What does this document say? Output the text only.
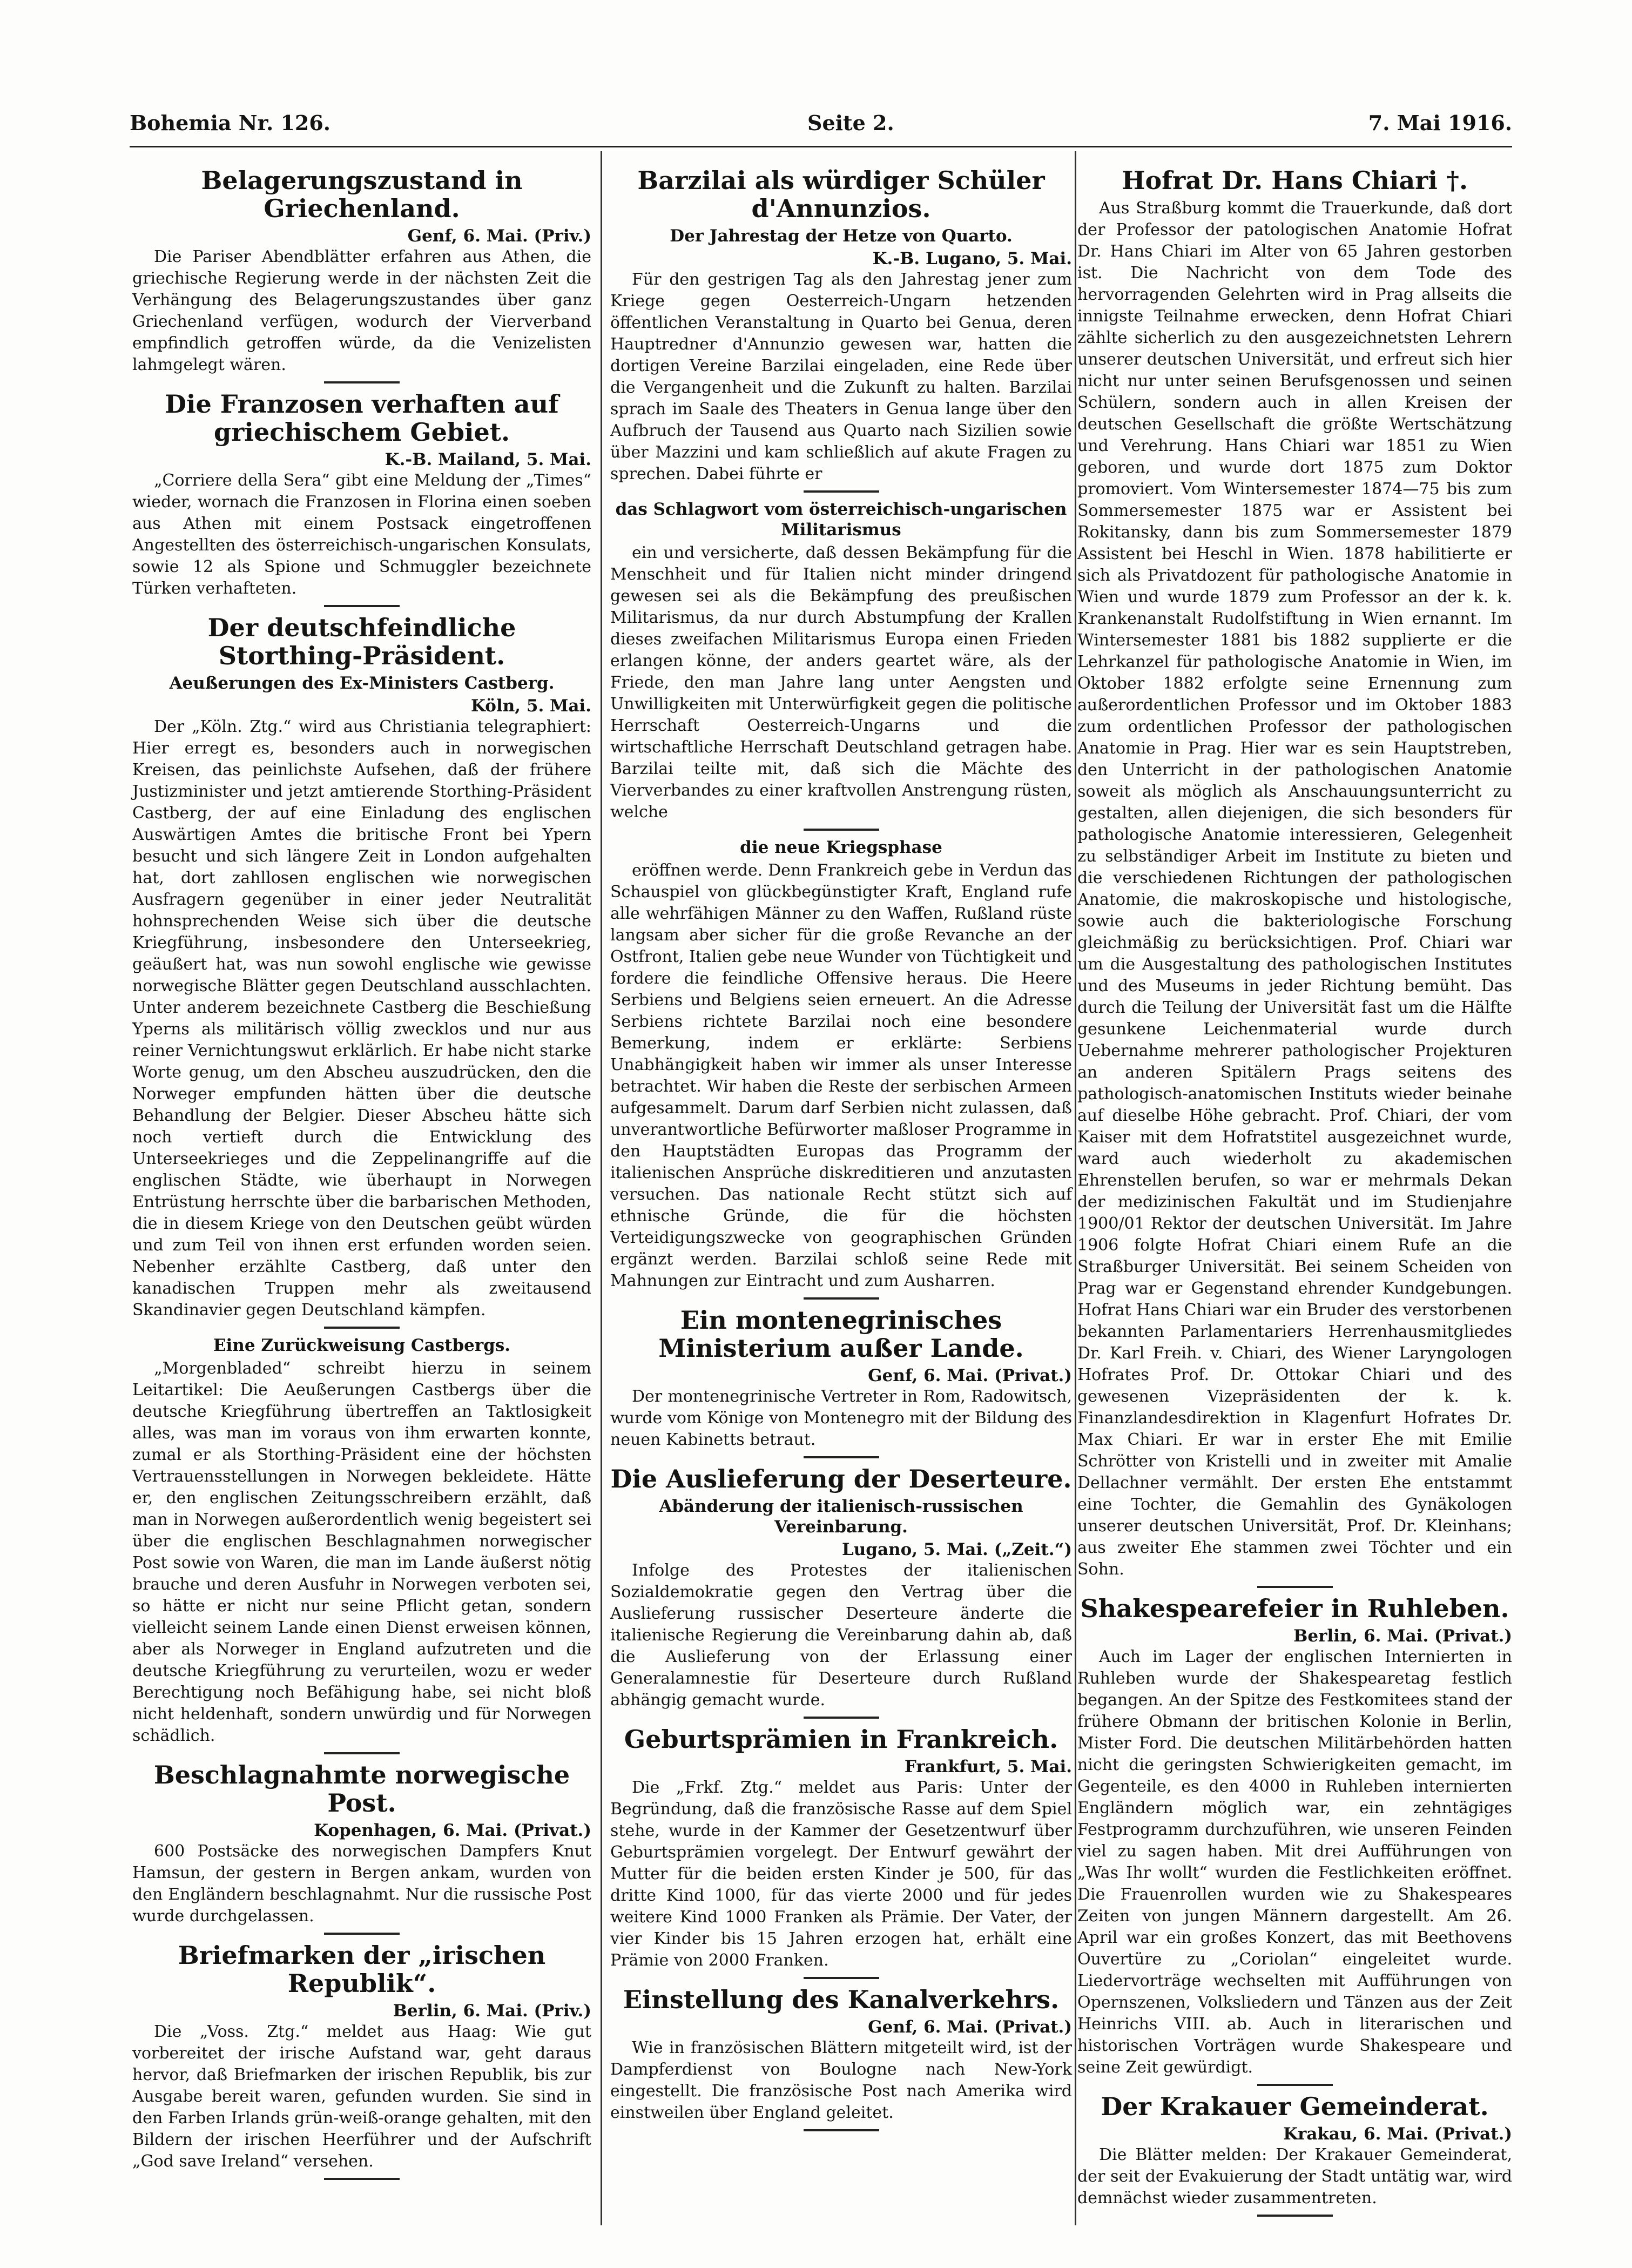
Bohemia Nr. 126.	Seite 2.	7. Mai 1916.
Belagerungszustand in Griechenland.
Genf, 6. Mai. (Priv.)

Die Pariser Abendblätter erfahren aus Athen, die griechische Regierung werde in der nächsten Zeit die Verhängung des Belagerungszustandes über ganz Griechenland verfügen, wodurch der Vierverband empfindlich getroffen würde, da die Venizelisten lahmgelegt wären.

Die Franzosen verhaften auf griechischem Gebiet.
K.-B. Mailand, 5. Mai.

„Corriere della Sera“ gibt eine Meldung der „Times“ wieder, wornach die Franzosen in Florina einen soeben aus Athen mit einem Postsack eingetroffenen Angestellten des österreichisch-ungarischen Konsulats, sowie 12 als Spione und Schmuggler bezeichnete Türken verhafteten.

Der deutschfeindliche Storthing-Präsident.
Aeußerungen des Ex-Ministers Castberg.
Köln, 5. Mai.

Der „Köln. Ztg.“ wird aus Christiania telegraphiert: Hier erregt es, besonders auch in norwegischen Kreisen, das peinlichste Aufsehen, daß der frühere Justizminister und jetzt amtierende Storthing-Präsident Castberg, der auf eine Einladung des englischen Auswärtigen Amtes die britische Front bei Ypern besucht und sich längere Zeit in London aufgehalten hat, dort zahllosen englischen wie norwegischen Ausfragern gegenüber in einer jeder Neutralität hohnsprechenden Weise sich über die deutsche Kriegführung, insbesondere den Unterseekrieg, geäußert hat, was nun sowohl englische wie gewisse norwegische Blätter gegen Deutschland ausschlachten. Unter anderem bezeichnete Castberg die Beschießung Yperns als militärisch völlig zwecklos und nur aus reiner Vernichtungswut erklärlich. Er habe nicht starke Worte genug, um den Abscheu auszudrücken, den die Norweger empfunden hätten über die deutsche Behandlung der Belgier. Dieser Abscheu hätte sich noch vertieft durch die Entwicklung des Unterseekrieges und die Zeppelinangriffe auf die englischen Städte, wie überhaupt in Norwegen Entrüstung herrschte über die barbarischen Methoden, die in diesem Kriege von den Deutschen geübt würden und zum Teil von ihnen erst erfunden worden seien. Nebenher erzählte Castberg, daß unter den kanadischen Truppen mehr als zweitausend Skandinavier gegen Deutschland kämpfen.

Eine Zurückweisung Castbergs.

„Morgenbladed“ schreibt hierzu in seinem Leitartikel: Die Aeußerungen Castbergs über die deutsche Kriegführung übertreffen an Taktlosigkeit alles, was man im voraus von ihm erwarten konnte, zumal er als Storthing-Präsident eine der höchsten Vertrauensstellungen in Norwegen bekleidete. Hätte er, den englischen Zeitungsschreibern erzählt, daß man in Norwegen außerordentlich wenig begeistert sei über die englischen Beschlagnahmen norwegischer Post sowie von Waren, die man im Lande äußerst nötig brauche und deren Ausfuhr in Norwegen verboten sei, so hätte er nicht nur seine Pflicht getan, sondern vielleicht seinem Lande einen Dienst erweisen können, aber als Norweger in England aufzutreten und die deutsche Kriegführung zu verurteilen, wozu er weder Berechtigung noch Befähigung habe, sei nicht bloß nicht heldenhaft, sondern unwürdig und für Norwegen schädlich.

Beschlagnahmte norwegische Post.
Kopenhagen, 6. Mai. (Privat.)

600 Postsäcke des norwegischen Dampfers Knut Hamsun, der gestern in Bergen ankam, wurden von den Engländern beschlagnahmt. Nur die russische Post wurde durchgelassen.

Briefmarken der „irischen Republik“.
Berlin, 6. Mai. (Priv.)

Die „Voss. Ztg.“ meldet aus Haag: Wie gut vorbereitet der irische Aufstand war, geht daraus hervor, daß Briefmarken der irischen Republik, bis zur Ausgabe bereit waren, gefunden wurden. Sie sind in den Farben Irlands grün-weiß-orange gehalten, mit den Bildern der irischen Heerführer und der Aufschrift „God save Ireland“ versehen.

Barzilai als würdiger Schüler d'Annunzios.
Der Jahrestag der Hetze von Quarto.
K.-B. Lugano, 5. Mai.

Für den gestrigen Tag als den Jahrestag jener zum Kriege gegen Oesterreich-Ungarn hetzenden öffentlichen Veranstaltung in Quarto bei Genua, deren Hauptredner d'Annunzio gewesen war, hatten die dortigen Vereine Barzilai eingeladen, eine Rede über die Vergangenheit und die Zukunft zu halten. Barzilai sprach im Saale des Theaters in Genua lange über den Aufbruch der Tausend aus Quarto nach Sizilien sowie über Mazzini und kam schließlich auf akute Fragen zu sprechen. Dabei führte er

das Schlagwort vom österreichisch-ungarischen Militarismus

ein und versicherte, daß dessen Bekämpfung für die Menschheit und für Italien nicht minder dringend gewesen sei als die Bekämpfung des preußischen Militarismus, da nur durch Abstumpfung der Krallen dieses zweifachen Militarismus Europa einen Frieden erlangen könne, der anders geartet wäre, als der Friede, den man Jahre lang unter Aengsten und Unwilligkeiten mit Unterwürfigkeit gegen die politische Herrschaft Oesterreich-Ungarns und die wirtschaftliche Herrschaft Deutschland getragen habe. Barzilai teilte mit, daß sich die Mächte des Vierverbandes zu einer kraftvollen Anstrengung rüsten, welche

die neue Kriegsphase

eröffnen werde. Denn Frankreich gebe in Verdun das Schauspiel von glückbegünstigter Kraft, England rufe alle wehrfähigen Männer zu den Waffen, Rußland rüste langsam aber sicher für die große Revanche an der Ostfront, Italien gebe neue Wunder von Tüchtigkeit und fordere die feindliche Offensive heraus. Die Heere Serbiens und Belgiens seien erneuert. An die Adresse Serbiens richtete Barzilai noch eine besondere Bemerkung, indem er erklärte: Serbiens Unabhängigkeit haben wir immer als unser Interesse betrachtet. Wir haben die Reste der serbischen Armeen aufgesammelt. Darum darf Serbien nicht zulassen, daß unverantwortliche Befürworter maßloser Programme in den Hauptstädten Europas das Programm der italienischen Ansprüche diskreditieren und anzutasten versuchen. Das nationale Recht stützt sich auf ethnische Gründe, die für die höchsten Verteidigungszwecke von geographischen Gründen ergänzt werden. Barzilai schloß seine Rede mit Mahnungen zur Eintracht und zum Ausharren.

Ein montenegrinisches Ministerium außer Lande.
Genf, 6. Mai. (Privat.)

Der montenegrinische Vertreter in Rom, Radowitsch, wurde vom Könige von Montenegro mit der Bildung des neuen Kabinetts betraut.

Die Auslieferung der Deserteure.
Abänderung der italienisch-russischen Vereinbarung.
Lugano, 5. Mai. („Zeit.“)

Infolge des Protestes der italienischen Sozialdemokratie gegen den Vertrag über die Auslieferung russischer Deserteure änderte die italienische Regierung die Vereinbarung dahin ab, daß die Auslieferung von der Erlassung einer Generalamnestie für Deserteure durch Rußland abhängig gemacht wurde.

Geburtsprämien in Frankreich.
Frankfurt, 5. Mai.

Die „Frkf. Ztg.“ meldet aus Paris: Unter der Begründung, daß die französische Rasse auf dem Spiel stehe, wurde in der Kammer der Gesetzentwurf über Geburtsprämien vorgelegt. Der Entwurf gewährt der Mutter für die beiden ersten Kinder je 500, für das dritte Kind 1000, für das vierte 2000 und für jedes weitere Kind 1000 Franken als Prämie. Der Vater, der vier Kinder bis 15 Jahren erzogen hat, erhält eine Prämie von 2000 Franken.

Einstellung des Kanalverkehrs.
Genf, 6. Mai. (Privat.)

Wie in französischen Blättern mitgeteilt wird, ist der Dampferdienst von Boulogne nach New-York eingestellt. Die französische Post nach Amerika wird einstweilen über England geleitet.

Hofrat Dr. Hans Chiari †.

Aus Straßburg kommt die Trauerkunde, daß dort der Professor der patologischen Anatomie Hofrat Dr. Hans Chiari im Alter von 65 Jahren gestorben ist. Die Nachricht von dem Tode des hervorragenden Gelehrten wird in Prag allseits die innigste Teilnahme erwecken, denn Hofrat Chiari zählte sicherlich zu den ausgezeichnetsten Lehrern unserer deutschen Universität, und erfreut sich hier nicht nur unter seinen Berufsgenossen und seinen Schülern, sondern auch in allen Kreisen der deutschen Gesellschaft die größte Wertschätzung und Verehrung. Hans Chiari war 1851 zu Wien geboren, und wurde dort 1875 zum Doktor promoviert. Vom Wintersemester 1874—75 bis zum Sommersemester 1875 war er Assistent bei Rokitansky, dann bis zum Sommersemester 1879 Assistent bei Heschl in Wien. 1878 habilitierte er sich als Privatdozent für pathologische Anatomie in Wien und wurde 1879 zum Professor an der k. k. Krankenanstalt Rudolfstiftung in Wien ernannt. Im Wintersemester 1881 bis 1882 supplierte er die Lehrkanzel für pathologische Anatomie in Wien, im Oktober 1882 erfolgte seine Ernennung zum außerordentlichen Professor und im Oktober 1883 zum ordentlichen Professor der pathologischen Anatomie in Prag. Hier war es sein Hauptstreben, den Unterricht in der pathologischen Anatomie soweit als möglich als Anschauungsunterricht zu gestalten, allen diejenigen, die sich besonders für pathologische Anatomie interessieren, Gelegenheit zu selbständiger Arbeit im Institute zu bieten und die verschiedenen Richtungen der pathologischen Anatomie, die makroskopische und histologische, sowie auch die bakteriologische Forschung gleichmäßig zu berücksichtigen. Prof. Chiari war um die Ausgestaltung des pathologischen Institutes und des Museums in jeder Richtung bemüht. Das durch die Teilung der Universität fast um die Hälfte gesunkene Leichenmaterial wurde durch Uebernahme mehrerer pathologischer Projekturen an anderen Spitälern Prags seitens des pathologisch-anatomischen Instituts wieder beinahe auf dieselbe Höhe gebracht. Prof. Chiari, der vom Kaiser mit dem Hofratstitel ausgezeichnet wurde, ward auch wiederholt zu akademischen Ehrenstellen berufen, so war er mehrmals Dekan der medizinischen Fakultät und im Studienjahre 1900/01 Rektor der deutschen Universität. Im Jahre 1906 folgte Hofrat Chiari einem Rufe an die Straßburger Universität. Bei seinem Scheiden von Prag war er Gegenstand ehrender Kundgebungen. Hofrat Hans Chiari war ein Bruder des verstorbenen bekannten Parlamentariers Herrenhausmitgliedes Dr. Karl Freih. v. Chiari, des Wiener Laryngologen Hofrates Prof. Dr. Ottokar Chiari und des gewesenen Vizepräsidenten der k. k. Finanzlandesdirektion in Klagenfurt Hofrates Dr. Max Chiari. Er war in erster Ehe mit Emilie Schrötter von Kristelli und in zweiter mit Amalie Dellachner vermählt. Der ersten Ehe entstammt eine Tochter, die Gemahlin des Gynäkologen unserer deutschen Universität, Prof. Dr. Kleinhans; aus zweiter Ehe stammen zwei Töchter und ein Sohn.

Shakespearefeier in Ruhleben.
Berlin, 6. Mai. (Privat.)

Auch im Lager der englischen Internierten in Ruhleben wurde der Shakespearetag festlich begangen. An der Spitze des Festkomitees stand der frühere Obmann der britischen Kolonie in Berlin, Mister Ford. Die deutschen Militärbehörden hatten nicht die geringsten Schwierigkeiten gemacht, im Gegenteile, es den 4000 in Ruhleben internierten Engländern möglich war, ein zehntägiges Festprogramm durchzuführen, wie unseren Feinden viel zu sagen haben. Mit drei Aufführungen von „Was Ihr wollt“ wurden die Festlichkeiten eröffnet. Die Frauenrollen wurden wie zu Shakespeares Zeiten von jungen Männern dargestellt. Am 26. April war ein großes Konzert, das mit Beethovens Ouvertüre zu „Coriolan“ eingeleitet wurde. Liedervorträge wechselten mit Aufführungen von Opernszenen, Volksliedern und Tänzen aus der Zeit Heinrichs VIII. ab. Auch in literarischen und historischen Vorträgen wurde Shakespeare und seine Zeit gewürdigt.

Der Krakauer Gemeinderat.
Krakau, 6. Mai. (Privat.)

Die Blätter melden: Der Krakauer Gemeinderat, der seit der Evakuierung der Stadt untätig war, wird demnächst wieder zusammentreten.
